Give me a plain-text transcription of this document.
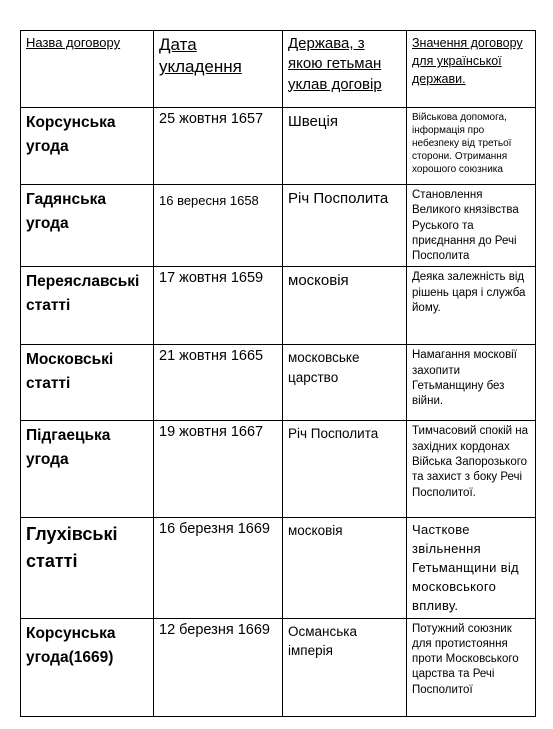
Назва договору	Дата укладення	Держава, з якою гетьман уклав договір	Значення договору для української держави.

Корсунська угода	25 жовтня 1657	Швеція	Військова допомога, інформація про небезпеку від третьої сторони. Отримання хорошого союзника

Гадянська угода	16 вересня 1658	Річ Посполита	Становлення Великого князівства Руського та приєднання до Речі Посполита

Переяславські статті	17 жовтня 1659	московія	Деяка залежність від рішень царя і служба йому.

Московські статті	21 жовтня 1665	московське царство	Намагання московії захопити Гетьманщину без війни.

Підгаецька угода	19 жовтня 1667	Річ Посполита	Тимчасовий спокій на західних кордонах Війська Запорозького та захист з боку Речі Посполитої.

Глухівські статті	16 березня 1669	московія	Часткове звільнення Гетьманщини від московського впливу.

Корсунська угода(1669)	12 березня 1669	Османська імперія	Потужний союзник для протистояння проти Московського царства та Речі Посполитої
